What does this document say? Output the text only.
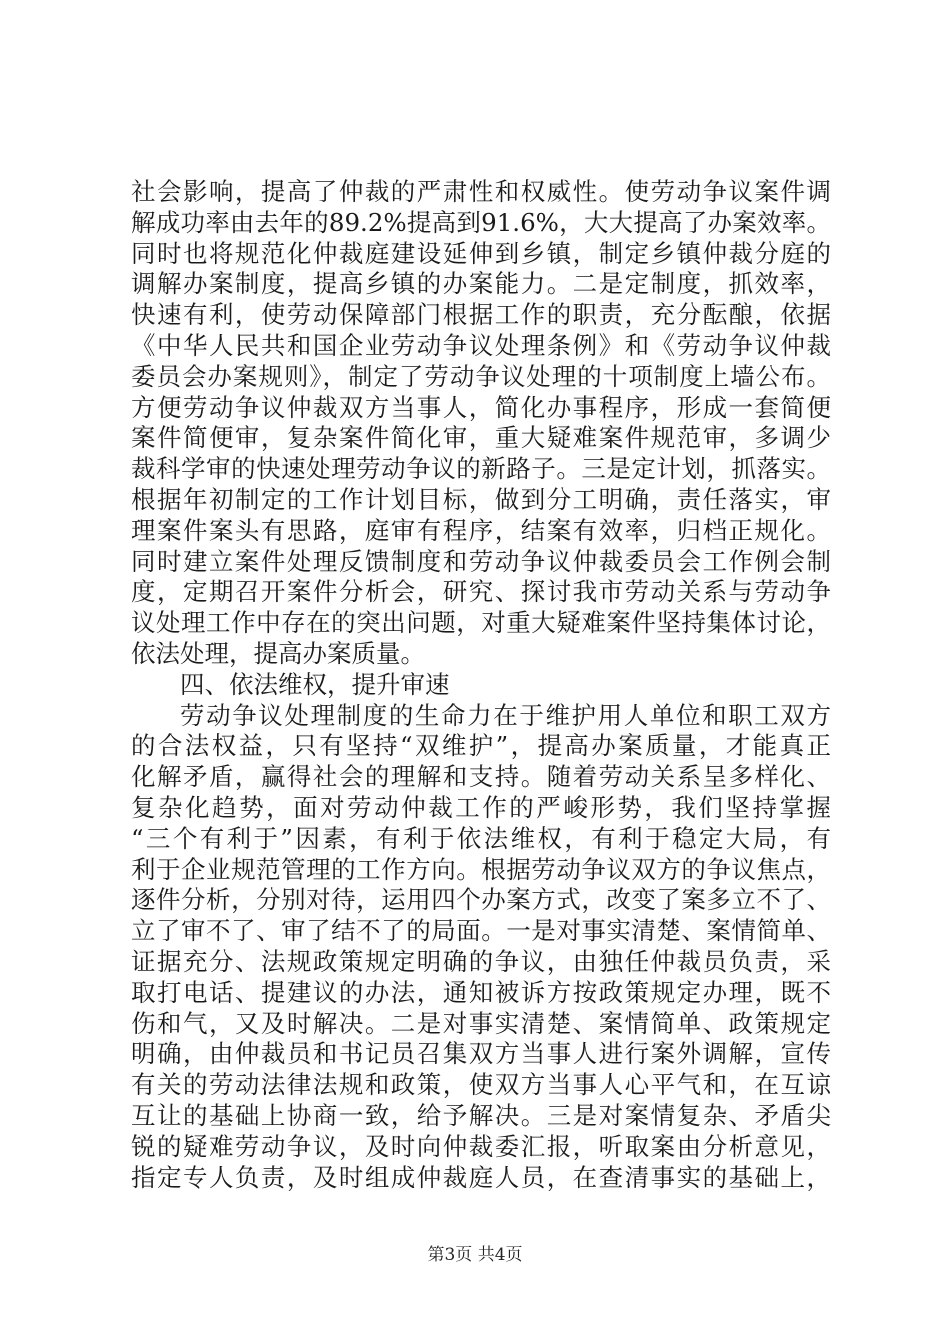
社会影响，提高了仲裁的严肃性和权威性。使劳动争议案件调
解成功率由去年的89.2%提高到91.6%，大大提高了办案效率。
同时也将规范化仲裁庭建设延伸到乡镇，制定乡镇仲裁分庭的
调解办案制度，提高乡镇的办案能力。二是定制度，抓效率，
快速有利，使劳动保障部门根据工作的职责，充分酝酿，依据
《中华人民共和国企业劳动争议处理条例》和《劳动争议仲裁
委员会办案规则》，制定了劳动争议处理的十项制度上墙公布。
方便劳动争议仲裁双方当事人，简化办事程序，形成一套简便
案件简便审，复杂案件简化审，重大疑难案件规范审，多调少
裁科学审的快速处理劳动争议的新路子。三是定计划，抓落实。
根据年初制定的工作计划目标，做到分工明确，责任落实，审
理案件案头有思路，庭审有程序，结案有效率，归档正规化。
同时建立案件处理反馈制度和劳动争议仲裁委员会工作例会制
度，定期召开案件分析会，研究、探讨我市劳动关系与劳动争
议处理工作中存在的突出问题，对重大疑难案件坚持集体讨论，
依法处理，提高办案质量。
四、依法维权，提升审速
劳动争议处理制度的生命力在于维护用人单位和职工双方
的合法权益，只有坚持“双维护”，提高办案质量，才能真正
化解矛盾，赢得社会的理解和支持。随着劳动关系呈多样化、
复杂化趋势，面对劳动仲裁工作的严峻形势，我们坚持掌握
“三个有利于”因素，有利于依法维权，有利于稳定大局，有
利于企业规范管理的工作方向。根据劳动争议双方的争议焦点，
逐件分析，分别对待，运用四个办案方式，改变了案多立不了、
立了审不了、审了结不了的局面。一是对事实清楚、案情简单、
证据充分、法规政策规定明确的争议，由独任仲裁员负责，采
取打电话、提建议的办法，通知被诉方按政策规定办理，既不
伤和气，又及时解决。二是对事实清楚、案情简单、政策规定
明确，由仲裁员和书记员召集双方当事人进行案外调解，宣传
有关的劳动法律法规和政策，使双方当事人心平气和，在互谅
互让的基础上协商一致，给予解决。三是对案情复杂、矛盾尖
锐的疑难劳动争议，及时向仲裁委汇报，听取案由分析意见，
指定专人负责，及时组成仲裁庭人员，在查清事实的基础上，
第3页 共4页
